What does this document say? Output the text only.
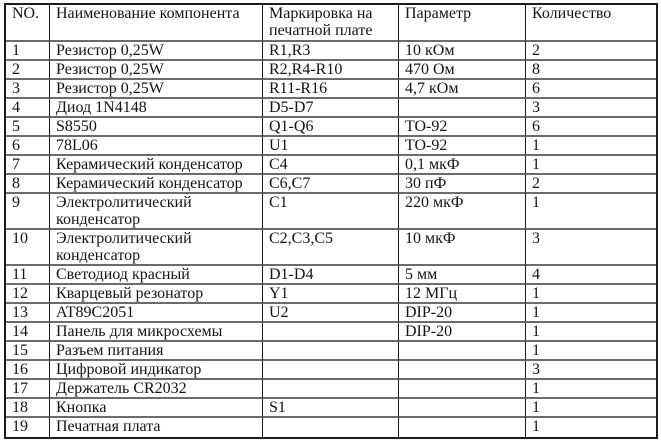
NO.	Наименование компонента	Маркировка на печатной плате	Параметр	Количество
1	Резистор 0,25W	R1,R3	10 кОм	2
2	Резистор 0,25W	R2,R4-R10	470 Ом	8
3	Резистор 0,25W	R11-R16	4,7 кОм	6
4	Диод 1N4148	D5-D7		3
5	S8550	Q1-Q6	TO-92	6
6	78L06	U1	TO-92	1
7	Керамический конденсатор	C4	0,1 мкФ	1
8	Керамический конденсатор	C6,C7	30 пФ	2
9	Электролитический конденсатор	C1	220 мкФ	1
10	Электролитический конденсатор	C2,C3,C5	10 мкФ	3
11	Светодиод красный	D1-D4	5 мм	4
12	Кварцевый резонатор	Y1	12 МГц	1
13	AT89C2051	U2	DIP-20	1
14	Панель для микросхемы		DIP-20	1
15	Разъем питания			1
16	Цифровой индикатор			3
17	Держатель CR2032			1
18	Кнопка	S1		1
19	Печатная плата			1
